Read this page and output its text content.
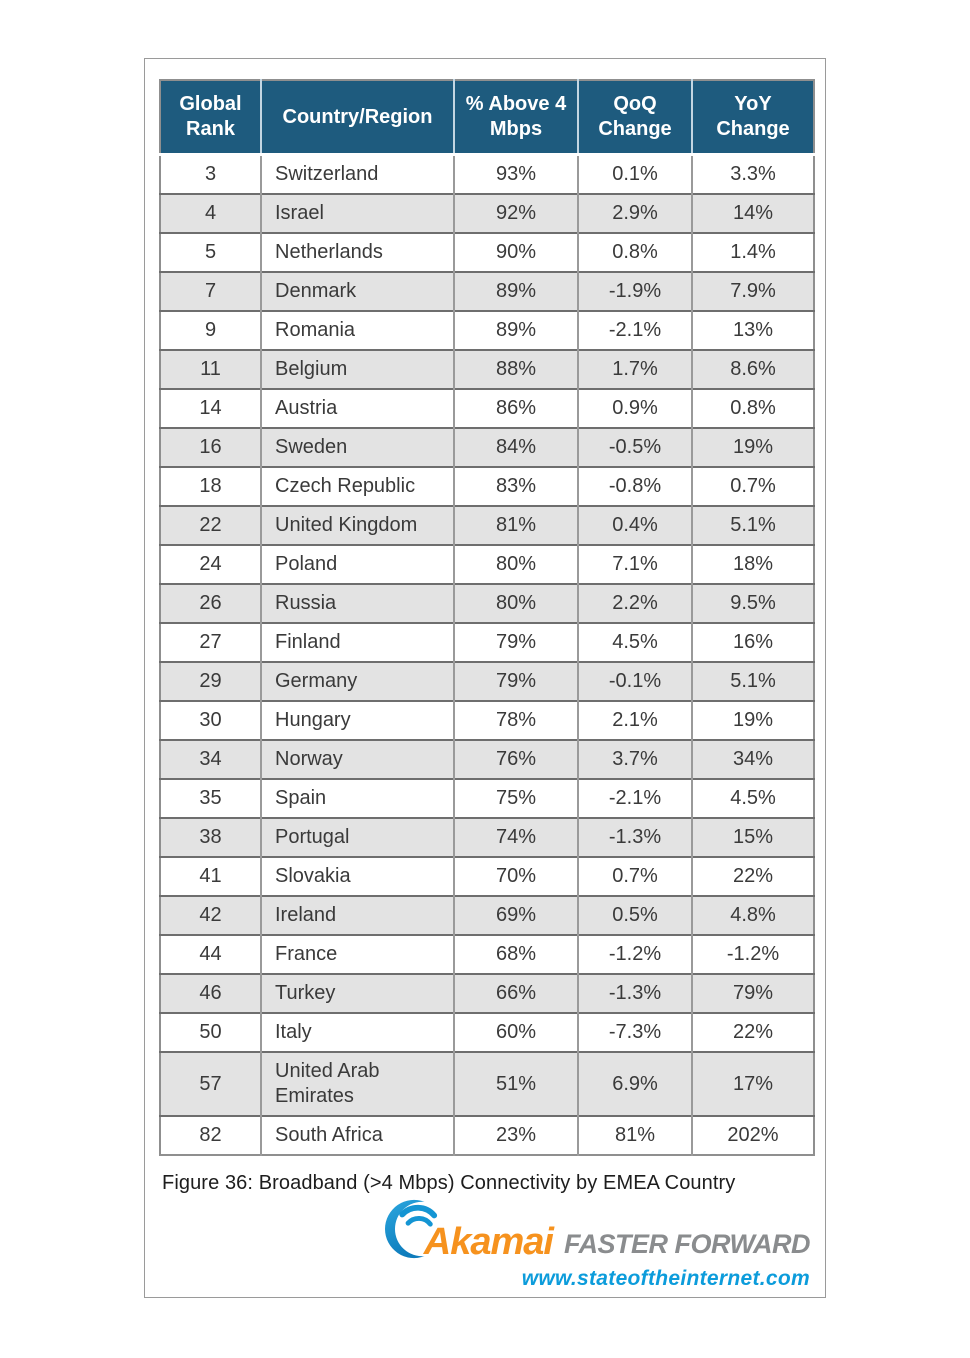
Global Rank	Country/Region	% Above 4 Mbps	QoQ Change	YoY Change
3	Switzerland	93%	0.1%	3.3%
4	Israel	92%	2.9%	14%
5	Netherlands	90%	0.8%	1.4%
7	Denmark	89%	-1.9%	7.9%
9	Romania	89%	-2.1%	13%
11	Belgium	88%	1.7%	8.6%
14	Austria	86%	0.9%	0.8%
16	Sweden	84%	-0.5%	19%
18	Czech Republic	83%	-0.8%	0.7%
22	United Kingdom	81%	0.4%	5.1%
24	Poland	80%	7.1%	18%
26	Russia	80%	2.2%	9.5%
27	Finland	79%	4.5%	16%
29	Germany	79%	-0.1%	5.1%
30	Hungary	78%	2.1%	19%
34	Norway	76%	3.7%	34%
35	Spain	75%	-2.1%	4.5%
38	Portugal	74%	-1.3%	15%
41	Slovakia	70%	0.7%	22%
42	Ireland	69%	0.5%	4.8%
44	France	68%	-1.2%	-1.2%
46	Turkey	66%	-1.3%	79%
50	Italy	60%	-7.3%	22%
57	United Arab Emirates	51%	6.9%	17%
82	South Africa	23%	81%	202%
Figure 36: Broadband (>4 Mbps) Connectivity by EMEA Country
Akamai FASTER FORWARD
www.stateoftheinternet.com
